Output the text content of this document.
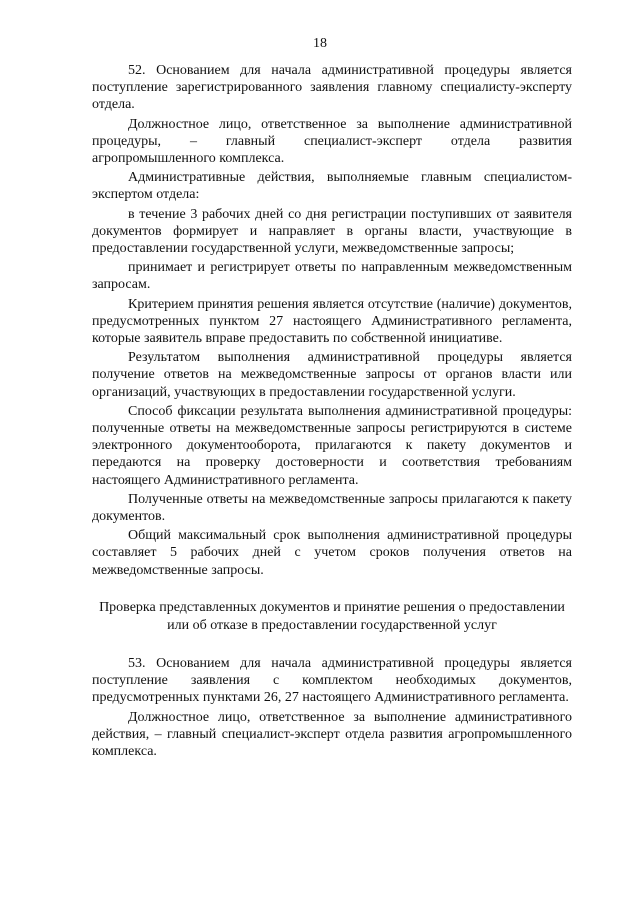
18

52. Основанием для начала административной процедуры является поступление зарегистрированного заявления главному специалисту-эксперту отдела.

Должностное лицо, ответственное за выполнение административной процедуры, – главный специалист-эксперт отдела развития агропромышленного комплекса.

Административные действия, выполняемые главным специалистом-экспертом отдела:

в течение 3 рабочих дней со дня регистрации поступивших от заявителя документов формирует и направляет в органы власти, участвующие в предоставлении государственной услуги, межведомственные запросы;

принимает и регистрирует ответы по направленным межведомственным запросам.

Критерием принятия решения является отсутствие (наличие) документов, предусмотренных пунктом 27 настоящего Административного регламента, которые заявитель вправе предоставить по собственной инициативе.

Результатом выполнения административной процедуры является получение ответов на межведомственные запросы от органов власти или организаций, участвующих в предоставлении государственной услуги.

Способ фиксации результата выполнения административной процедуры: полученные ответы на межведомственные запросы регистрируются в системе электронного документооборота, прилагаются к пакету документов и передаются на проверку достоверности и соответствия требованиям настоящего Административного регламента.

Полученные ответы на межведомственные запросы прилагаются к пакету документов.

Общий максимальный срок выполнения административной процедуры составляет 5 рабочих дней с учетом сроков получения ответов на межведомственные запросы.

Проверка представленных документов и принятие решения о предоставлении или об отказе в предоставлении государственной услуг

53. Основанием для начала административной процедуры является поступление заявления с комплектом необходимых документов, предусмотренных пунктами 26, 27 настоящего Административного регламента.

Должностное лицо, ответственное за выполнение административного действия, – главный специалист-эксперт отдела развития агропромышленного комплекса.
